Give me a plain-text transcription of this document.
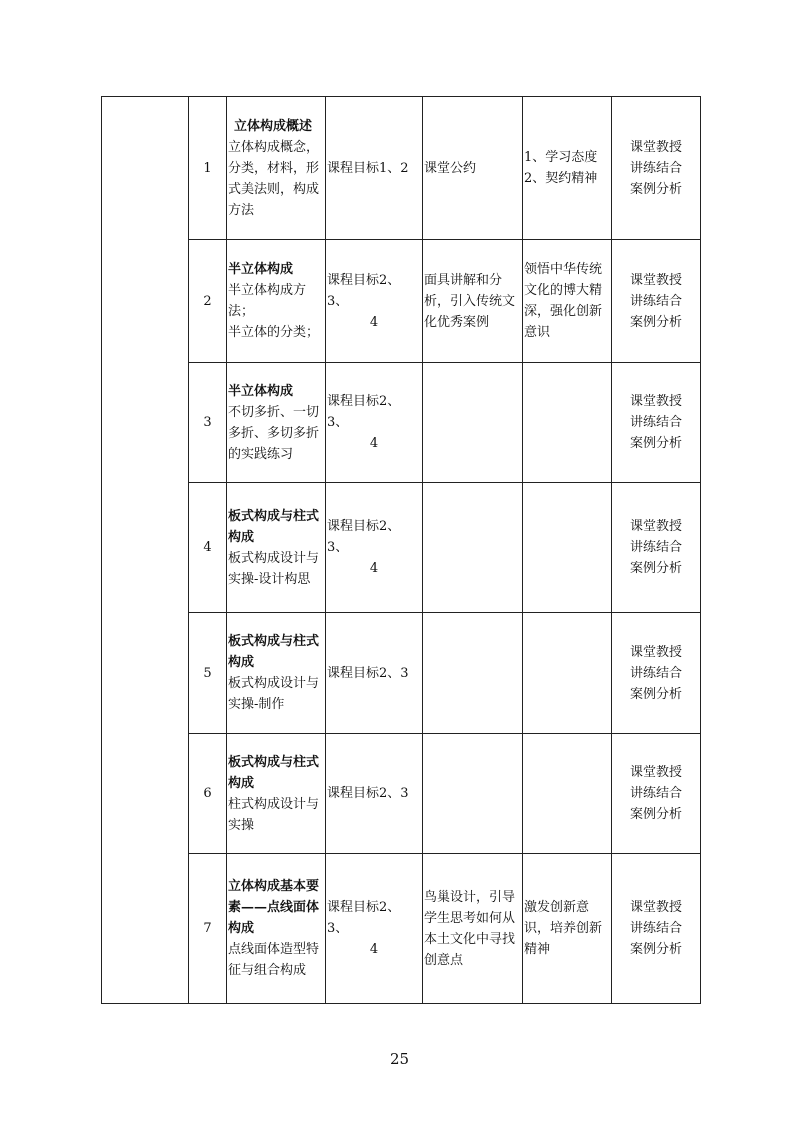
	1	立体构成概述
立体构成概念，分类，材料，形式美法则，构成方法	课程目标1、2	课堂公约	1、学习态度
2、契约精神	课堂教授
讲练结合
案例分析
	2	半立体构成
半立体构成方法；
半立体的分类；	课程目标2、3、
4	面具讲解和分析，引入传统文化优秀案例	领悟中华传统文化的博大精深，强化创新意识	课堂教授
讲练结合
案例分析
	3	半立体构成
不切多折、一切多折、多切多折的实践练习	课程目标2、3、
4			课堂教授
讲练结合
案例分析
	4	板式构成与柱式构成
板式构成设计与实操-设计构思	课程目标2、3、
4			课堂教授
讲练结合
案例分析
	5	板式构成与柱式构成
板式构成设计与实操-制作	课程目标2、3			课堂教授
讲练结合
案例分析
	6	板式构成与柱式构成
柱式构成设计与实操	课程目标2、3			课堂教授
讲练结合
案例分析
	7	立体构成基本要素——点线面体构成
点线面体造型特征与组合构成	课程目标2、3、
4	鸟巢设计，引导学生思考如何从本土文化中寻找创意点	激发创新意识，培养创新精神	课堂教授
讲练结合
案例分析
25
